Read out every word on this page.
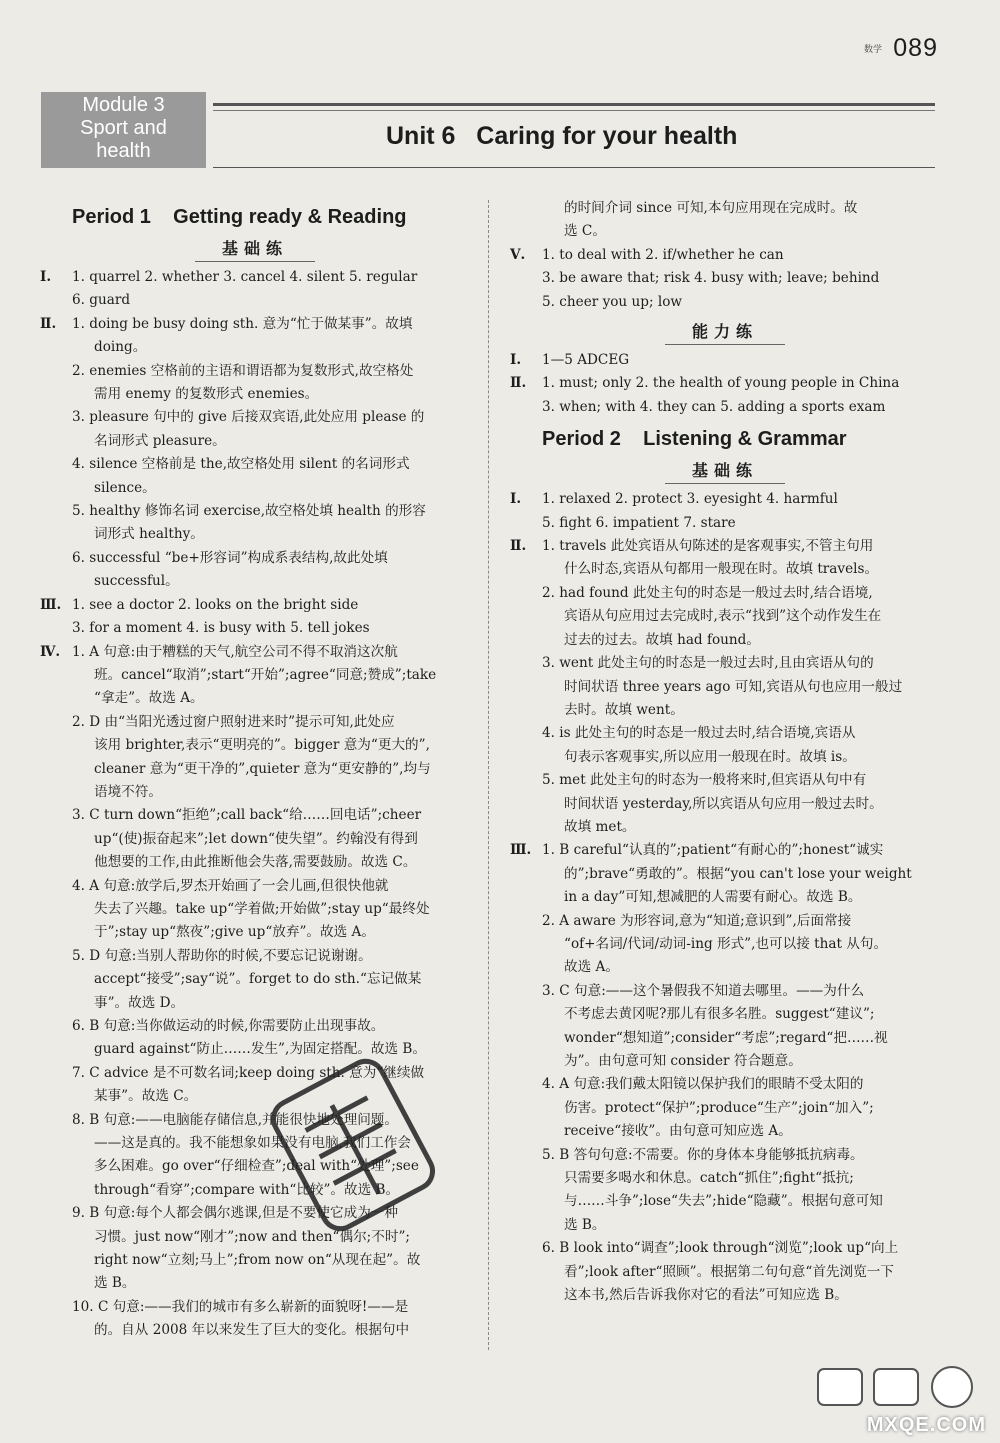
数学 089
Module 3
Sport and
health
Unit 6   Caring for your health
Period 1    Getting ready & Reading
基础练
Ⅰ. 1. quarrel 2. whether 3. cancel 4. silent 5. regular
6. guard
Ⅱ. 1. doing be busy doing sth. 意为“忙于做某事”。故填
doing。
2. enemies 空格前的主语和谓语都为复数形式,故空格处
需用 enemy 的复数形式 enemies。
3. pleasure 句中的 give 后接双宾语,此处应用 please 的
名词形式 pleasure。
4. silence 空格前是 the,故空格处用 silent 的名词形式
silence。
5. healthy 修饰名词 exercise,故空格处填 health 的形容
词形式 healthy。
6. successful “be+形容词”构成系表结构,故此处填
successful。
Ⅲ. 1. see a doctor 2. looks on the bright side
3. for a moment 4. is busy with 5. tell jokes
Ⅳ. 1. A 句意:由于糟糕的天气,航空公司不得不取消这次航
班。cancel“取消”;start“开始”;agree“同意;赞成”;take
“拿走”。故选 A。
2. D 由“当阳光透过窗户照射进来时”提示可知,此处应
该用 brighter,表示“更明亮的”。bigger 意为“更大的”,
cleaner 意为“更干净的”,quieter 意为“更安静的”,均与
语境不符。
3. C turn down“拒绝”;call back“给……回电话”;cheer
up“(使)振奋起来”;let down“使失望”。约翰没有得到
他想要的工作,由此推断他会失落,需要鼓励。故选 C。
4. A 句意:放学后,罗杰开始画了一会儿画,但很快他就
失去了兴趣。take up“学着做;开始做”;stay up“最终处
于”;stay up“熬夜”;give up“放弃”。故选 A。
5. D 句意:当别人帮助你的时候,不要忘记说谢谢。
accept“接受”;say“说”。forget to do sth.“忘记做某
事”。故选 D。
6. B 句意:当你做运动的时候,你需要防止出现事故。
guard against“防止……发生”,为固定搭配。故选 B。
7. C advice 是不可数名词;keep doing sth. 意为“继续做
某事”。故选 C。
8. B 句意:——电脑能存储信息,并能很快地处理问题。
——这是真的。我不能想象如果没有电脑,我们工作会
多么困难。go over“仔细检查”;deal with“处理”;see
through“看穿”;compare with“比较”。故选 B。
9. B 句意:每个人都会偶尔逃课,但是不要使它成为一种
习惯。just now“刚才”;now and then“偶尔;不时”;
right now“立刻;马上”;from now on“从现在起”。故
选 B。
10. C 句意:——我们的城市有多么崭新的面貌呀!——是
的。自从 2008 年以来发生了巨大的变化。根据句中
的时间介词 since 可知,本句应用现在完成时。故
选 C。
Ⅴ. 1. to deal with 2. if/whether he can
3. be aware that; risk 4. busy with; leave; behind
5. cheer you up; low
能力练
Ⅰ. 1—5 ADCEG
Ⅱ. 1. must; only 2. the health of young people in China
3. when; with 4. they can 5. adding a sports exam
Period 2    Listening & Grammar
基础练
Ⅰ. 1. relaxed 2. protect 3. eyesight 4. harmful
5. fight 6. impatient 7. stare
Ⅱ. 1. travels 此处宾语从句陈述的是客观事实,不管主句用
什么时态,宾语从句都用一般现在时。故填 travels。
2. had found 此处主句的时态是一般过去时,结合语境,
宾语从句应用过去完成时,表示“找到”这个动作发生在
过去的过去。故填 had found。
3. went 此处主句的时态是一般过去时,且由宾语从句的
时间状语 three years ago 可知,宾语从句也应用一般过
去时。故填 went。
4. is 此处主句的时态是一般过去时,结合语境,宾语从
句表示客观事实,所以应用一般现在时。故填 is。
5. met 此处主句的时态为一般将来时,但宾语从句中有
时间状语 yesterday,所以宾语从句应用一般过去时。
故填 met。
Ⅲ. 1. B careful“认真的”;patient“有耐心的”;honest“诚实
的”;brave“勇敢的”。根据“you can't lose your weight
in a day”可知,想减肥的人需要有耐心。故选 B。
2. A aware 为形容词,意为“知道;意识到”,后面常接
“of+名词/代词/动词-ing 形式”,也可以接 that 从句。
故选 A。
3. C 句意:——这个暑假我不知道去哪里。——为什么
不考虑去黄冈呢?那儿有很多名胜。suggest“建议”;
wonder“想知道”;consider“考虑”;regard“把……视
为”。由句意可知 consider 符合题意。
4. A 句意:我们戴太阳镜以保护我们的眼睛不受太阳的
伤害。protect“保护”;produce“生产”;join“加入”;
receive“接收”。由句意可知应选 A。
5. B 答句句意:不需要。你的身体本身能够抵抗病毒。
只需要多喝水和休息。catch“抓住”;fight“抵抗;
与……斗争”;lose“失去”;hide“隐藏”。根据句意可知
选 B。
6. B look into“调查”;look through“浏览”;look up“向上
看”;look after“照顾”。根据第二句句意“首先浏览一下
这本书,然后告诉我你对它的看法”可知应选 B。
MXQE.COM
